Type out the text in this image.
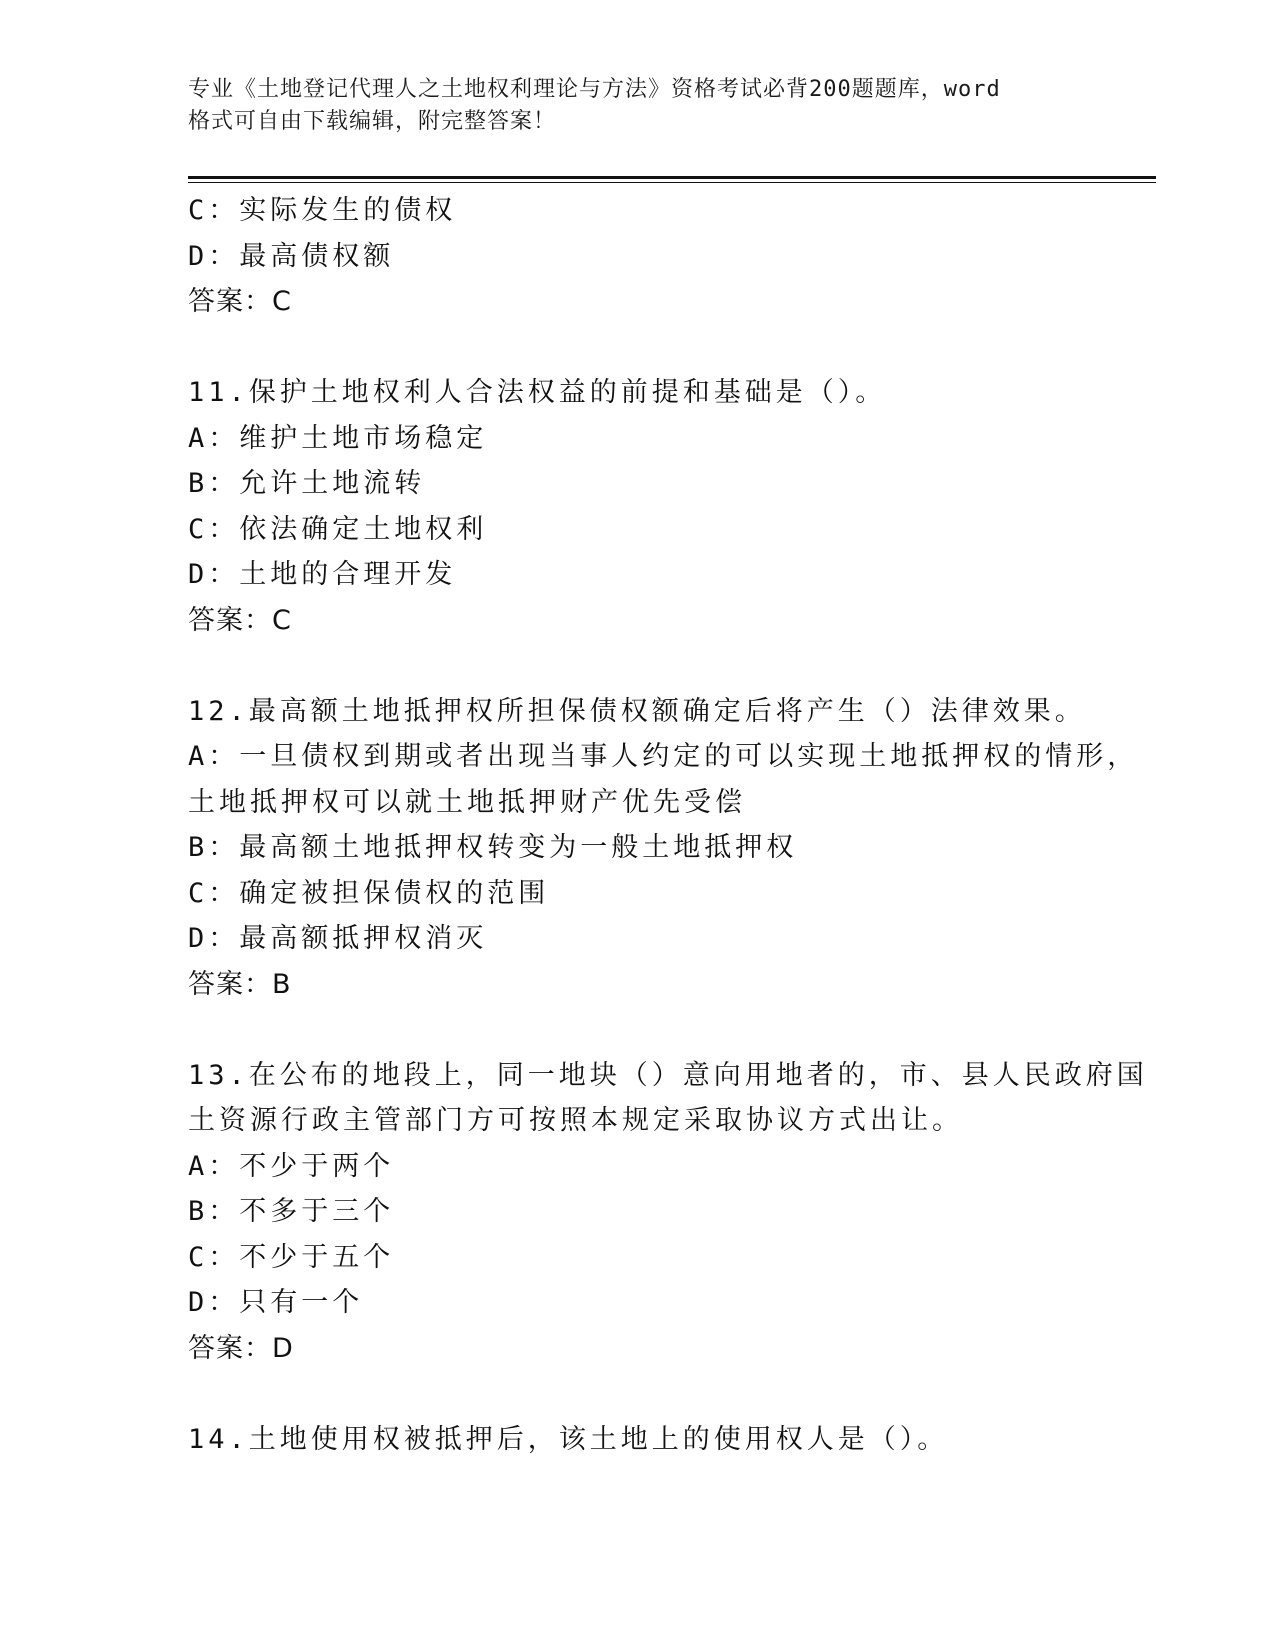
专业《土地登记代理人之土地权利理论与方法》资格考试必背200题题库，word
格式可自由下载编辑，附完整答案！
C：实际发生的债权
D：最高债权额
答案：C
11.保护土地权利人合法权益的前提和基础是（）。
A：维护土地市场稳定
B：允许土地流转
C：依法确定土地权利
D：土地的合理开发
答案：C
12.最高额土地抵押权所担保债权额确定后将产生（）法律效果。
A：一旦债权到期或者出现当事人约定的可以实现土地抵押权的情形，
土地抵押权可以就土地抵押财产优先受偿
B：最高额土地抵押权转变为一般土地抵押权
C：确定被担保债权的范围
D：最高额抵押权消灭
答案：B
13.在公布的地段上，同一地块（）意向用地者的，市、县人民政府国
土资源行政主管部门方可按照本规定采取协议方式出让。
A：不少于两个
B：不多于三个
C：不少于五个
D：只有一个
答案：D
14.土地使用权被抵押后，该土地上的使用权人是（）。
